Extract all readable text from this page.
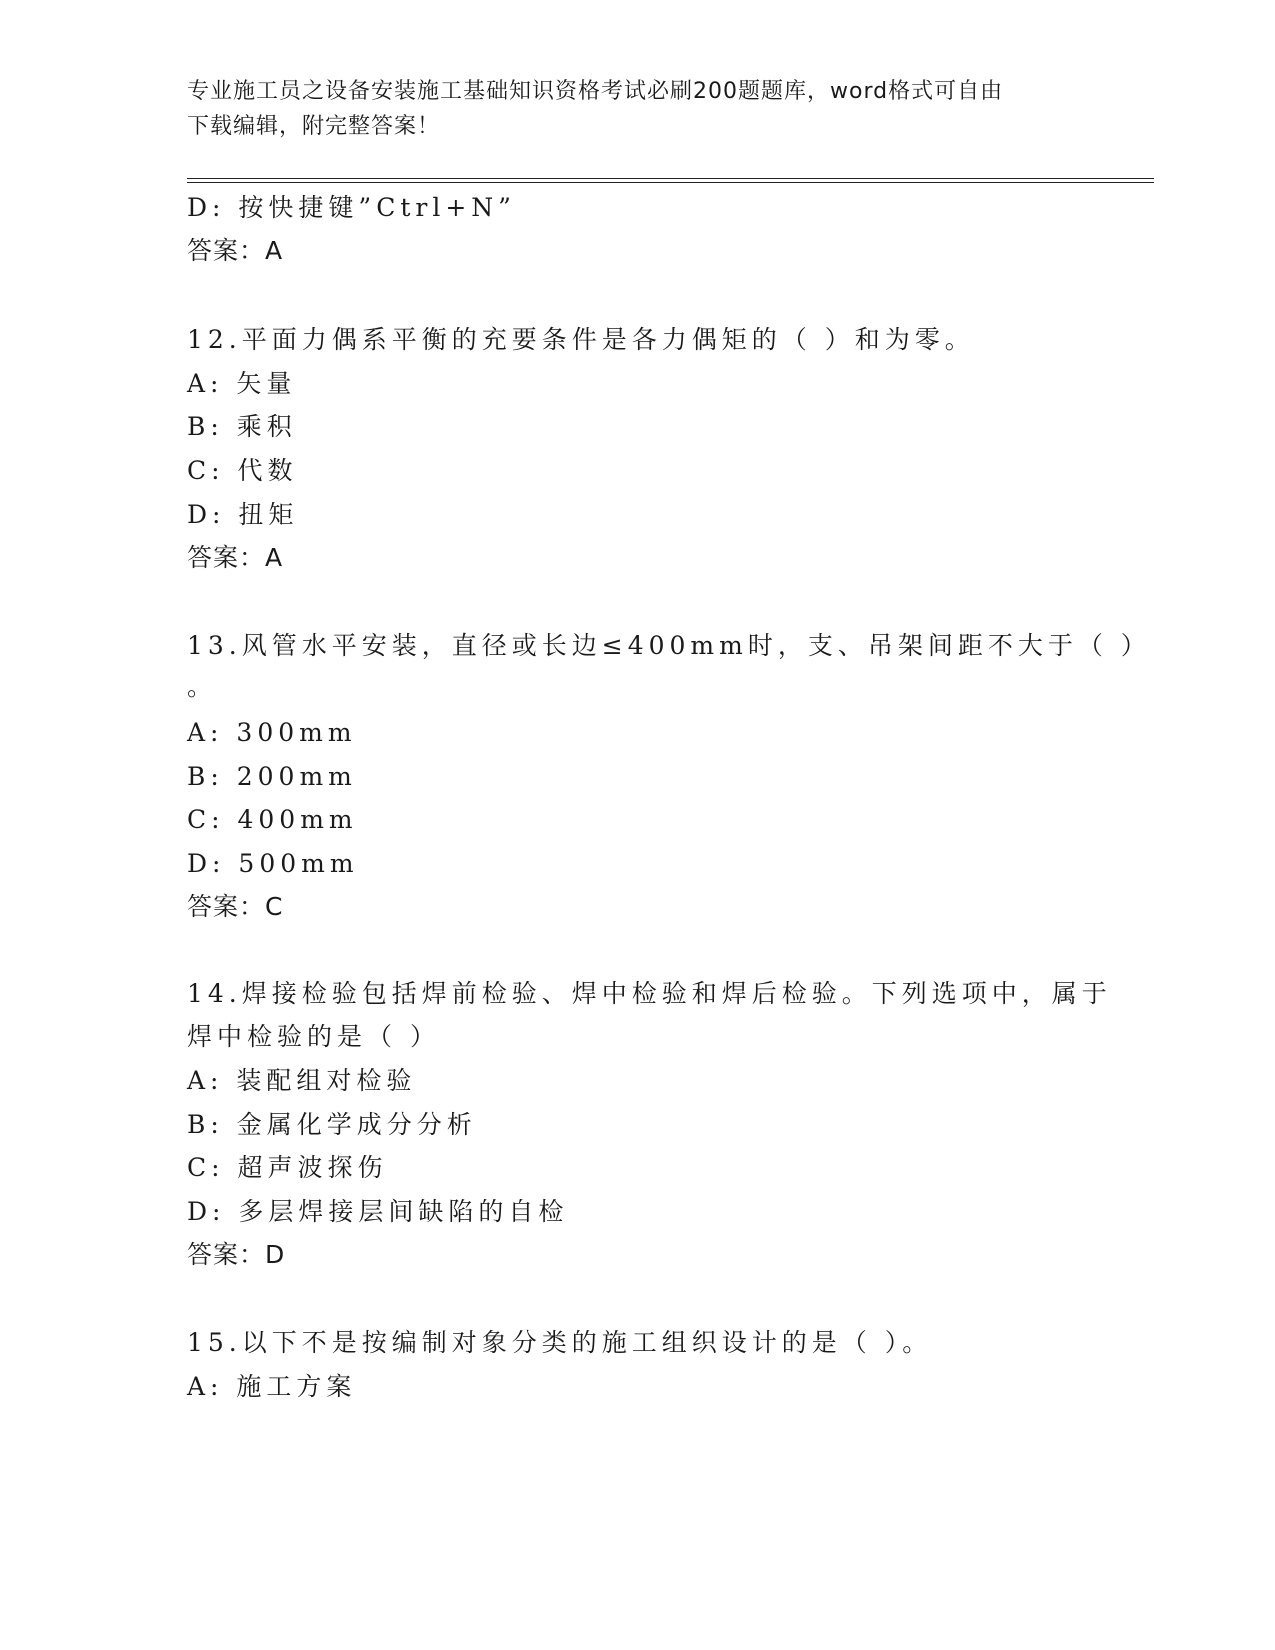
专业施工员之设备安装施工基础知识资格考试必刷200题题库，word格式可自由
下载编辑，附完整答案！
D: 按快捷键”Ctrl+N”
答案：A
12.平面力偶系平衡的充要条件是各力偶矩的（ ）和为零。
A: 矢量
B: 乘积
C: 代数
D: 扭矩
答案：A
13.风管水平安装，直径或长边≤400mm时，支、吊架间距不大于（ ）
。
A: 300mm
B: 200mm
C: 400mm
D: 500mm
答案：C
14.焊接检验包括焊前检验、焊中检验和焊后检验。下列选项中，属于
焊中检验的是（ ）
A: 装配组对检验
B: 金属化学成分分析
C: 超声波探伤
D: 多层焊接层间缺陷的自检
答案：D
15.以下不是按编制对象分类的施工组织设计的是（ ）。
A: 施工方案
